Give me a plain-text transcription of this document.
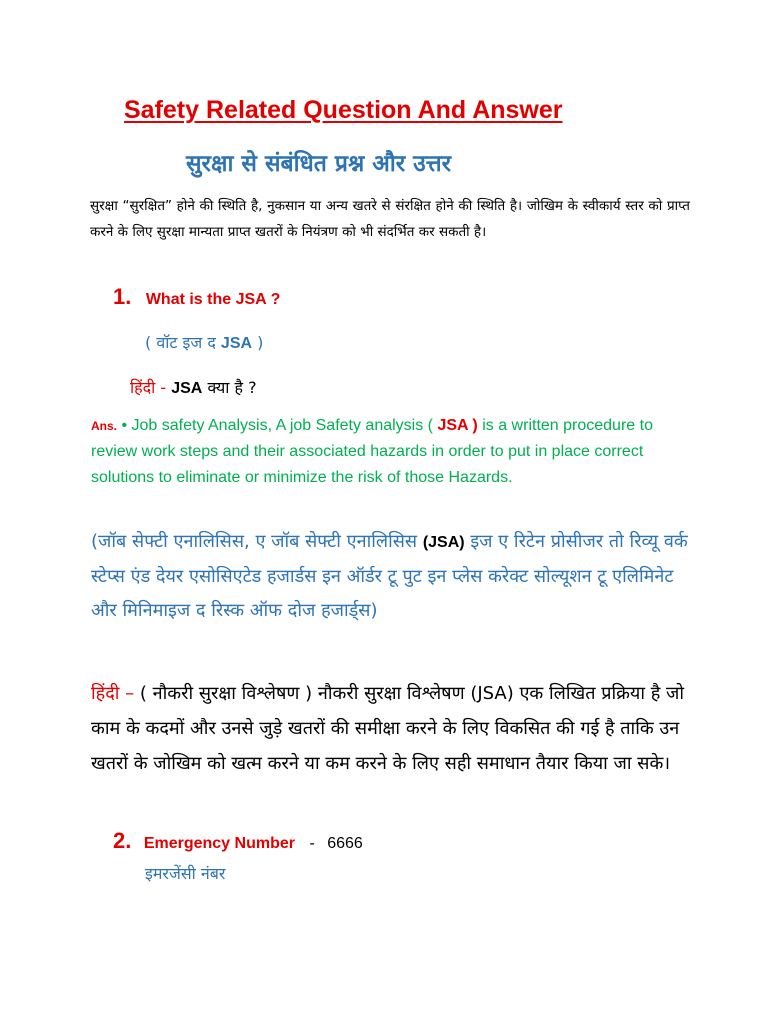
Safety Related Question And Answer
सुरक्षा से संबंधित प्रश्न और उत्तर
सुरक्षा “सुरक्षित” होने की स्थिति है, नुकसान या अन्य खतरे से संरक्षित होने की स्थिति है। जोखिम के स्वीकार्य स्तर को प्राप्त करने के लिए सुरक्षा मान्यता प्राप्त खतरों के नियंत्रण को भी संदर्भित कर सकती है।
1. What is the JSA ?
( वॉट इज द JSA )
हिंदी - JSA क्या है ?
Ans. • Job safety Analysis, A job Safety analysis ( JSA ) is a written procedure to review work steps and their associated hazards in order to put in place correct solutions to eliminate or minimize the risk of those Hazards.
(जॉब सेफ्टी एनालिसिस, ए जॉब सेफ्टी एनालिसिस (JSA) इज ए रिटेन प्रोसीजर तो रिव्यू वर्क स्टेप्स एंड देयर एसोसिएटेड हजार्डस इन ऑर्डर टू पुट इन प्लेस करेक्ट सोल्यूशन टू एलिमिनेट और मिनिमाइज द रिस्क ऑफ दोज हजार्ड्स)
हिंदी – ( नौकरी सुरक्षा विश्लेषण ) नौकरी सुरक्षा विश्लेषण (JSA) एक लिखित प्रक्रिया है जो काम के कदमों और उनसे जुड़े खतरों की समीक्षा करने के लिए विकसित की गई है ताकि उन खतरों के जोखिम को खत्म करने या कम करने के लिए सही समाधान तैयार किया जा सके।
2. Emergency Number - 6666
इमरजेंसी नंबर
